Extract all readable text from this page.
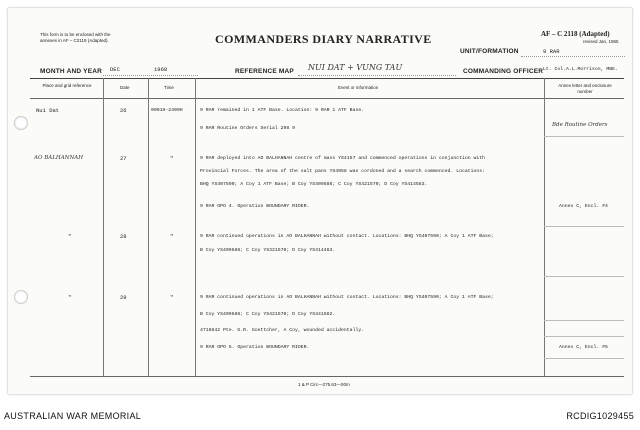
This form is to be enclosed with the
annexes in AF – C2119 (Adapted).	COMMANDERS DIARY NARRATIVE	AF – C 2118 (Adapted)
revised Jan, 1965
UNIT/FORMATION	9 RAR
MONTH AND YEAR DEC	1968	REFERENCE MAP NUI DAT + VUNG TAU	COMMANDING OFFICER Lt. Col.A.L.Morrison, MBE.
Place and grid reference	Date	Time	Event or information	Annex letter and enclosure number
Nui Dat	26	0001H-2400H	9 RAR remained in 1 ATF Base. Location: 9 RAR 1 ATF Base.
9 RAR Routine Orders Serial 298 9
Bde Routine Orders
AO BALHANNAH	27	"	9 RAR deployed into AO BALHANNAH centre of mass YS4157 and commenced operations in conjunction with
Provincial Forces. The area of the salt pans YS4958 was cordoned and a search commenced. Locations:
BHQ YS407590; A Coy 1 ATF Base; B Coy YS409588; C Coy YS421570; D Coy YS414583.
9 RAR OPO 4. Operation BOUNDARY RIDER.	Annex C, Encl. #4
"	28	"	9 RAR continued operations in AO BALHANNAH without contact. Locations: BHQ YS407590; A Coy 1 ATF Base;
B Coy YS409588; C Coy YS321570; D Coy YS414483.
"	29	"	9 RAR continued operations in AO BALHANNAH without contact. Locations: BHQ YS407590; A Coy 1 ATF Base;
B Coy YS409588; C Coy YS421570; D Coy YS441582.
4718642 Pte. G.R. Goettcher, A Coy, wounded accidentally.
9 RAR OPO 5. Operation BOUNDARY RIDER.	Annex C, Encl. #5
1 & P Circ—275.63—00m
AUSTRALIAN WAR MEMORIAL	RCDIG1029455
